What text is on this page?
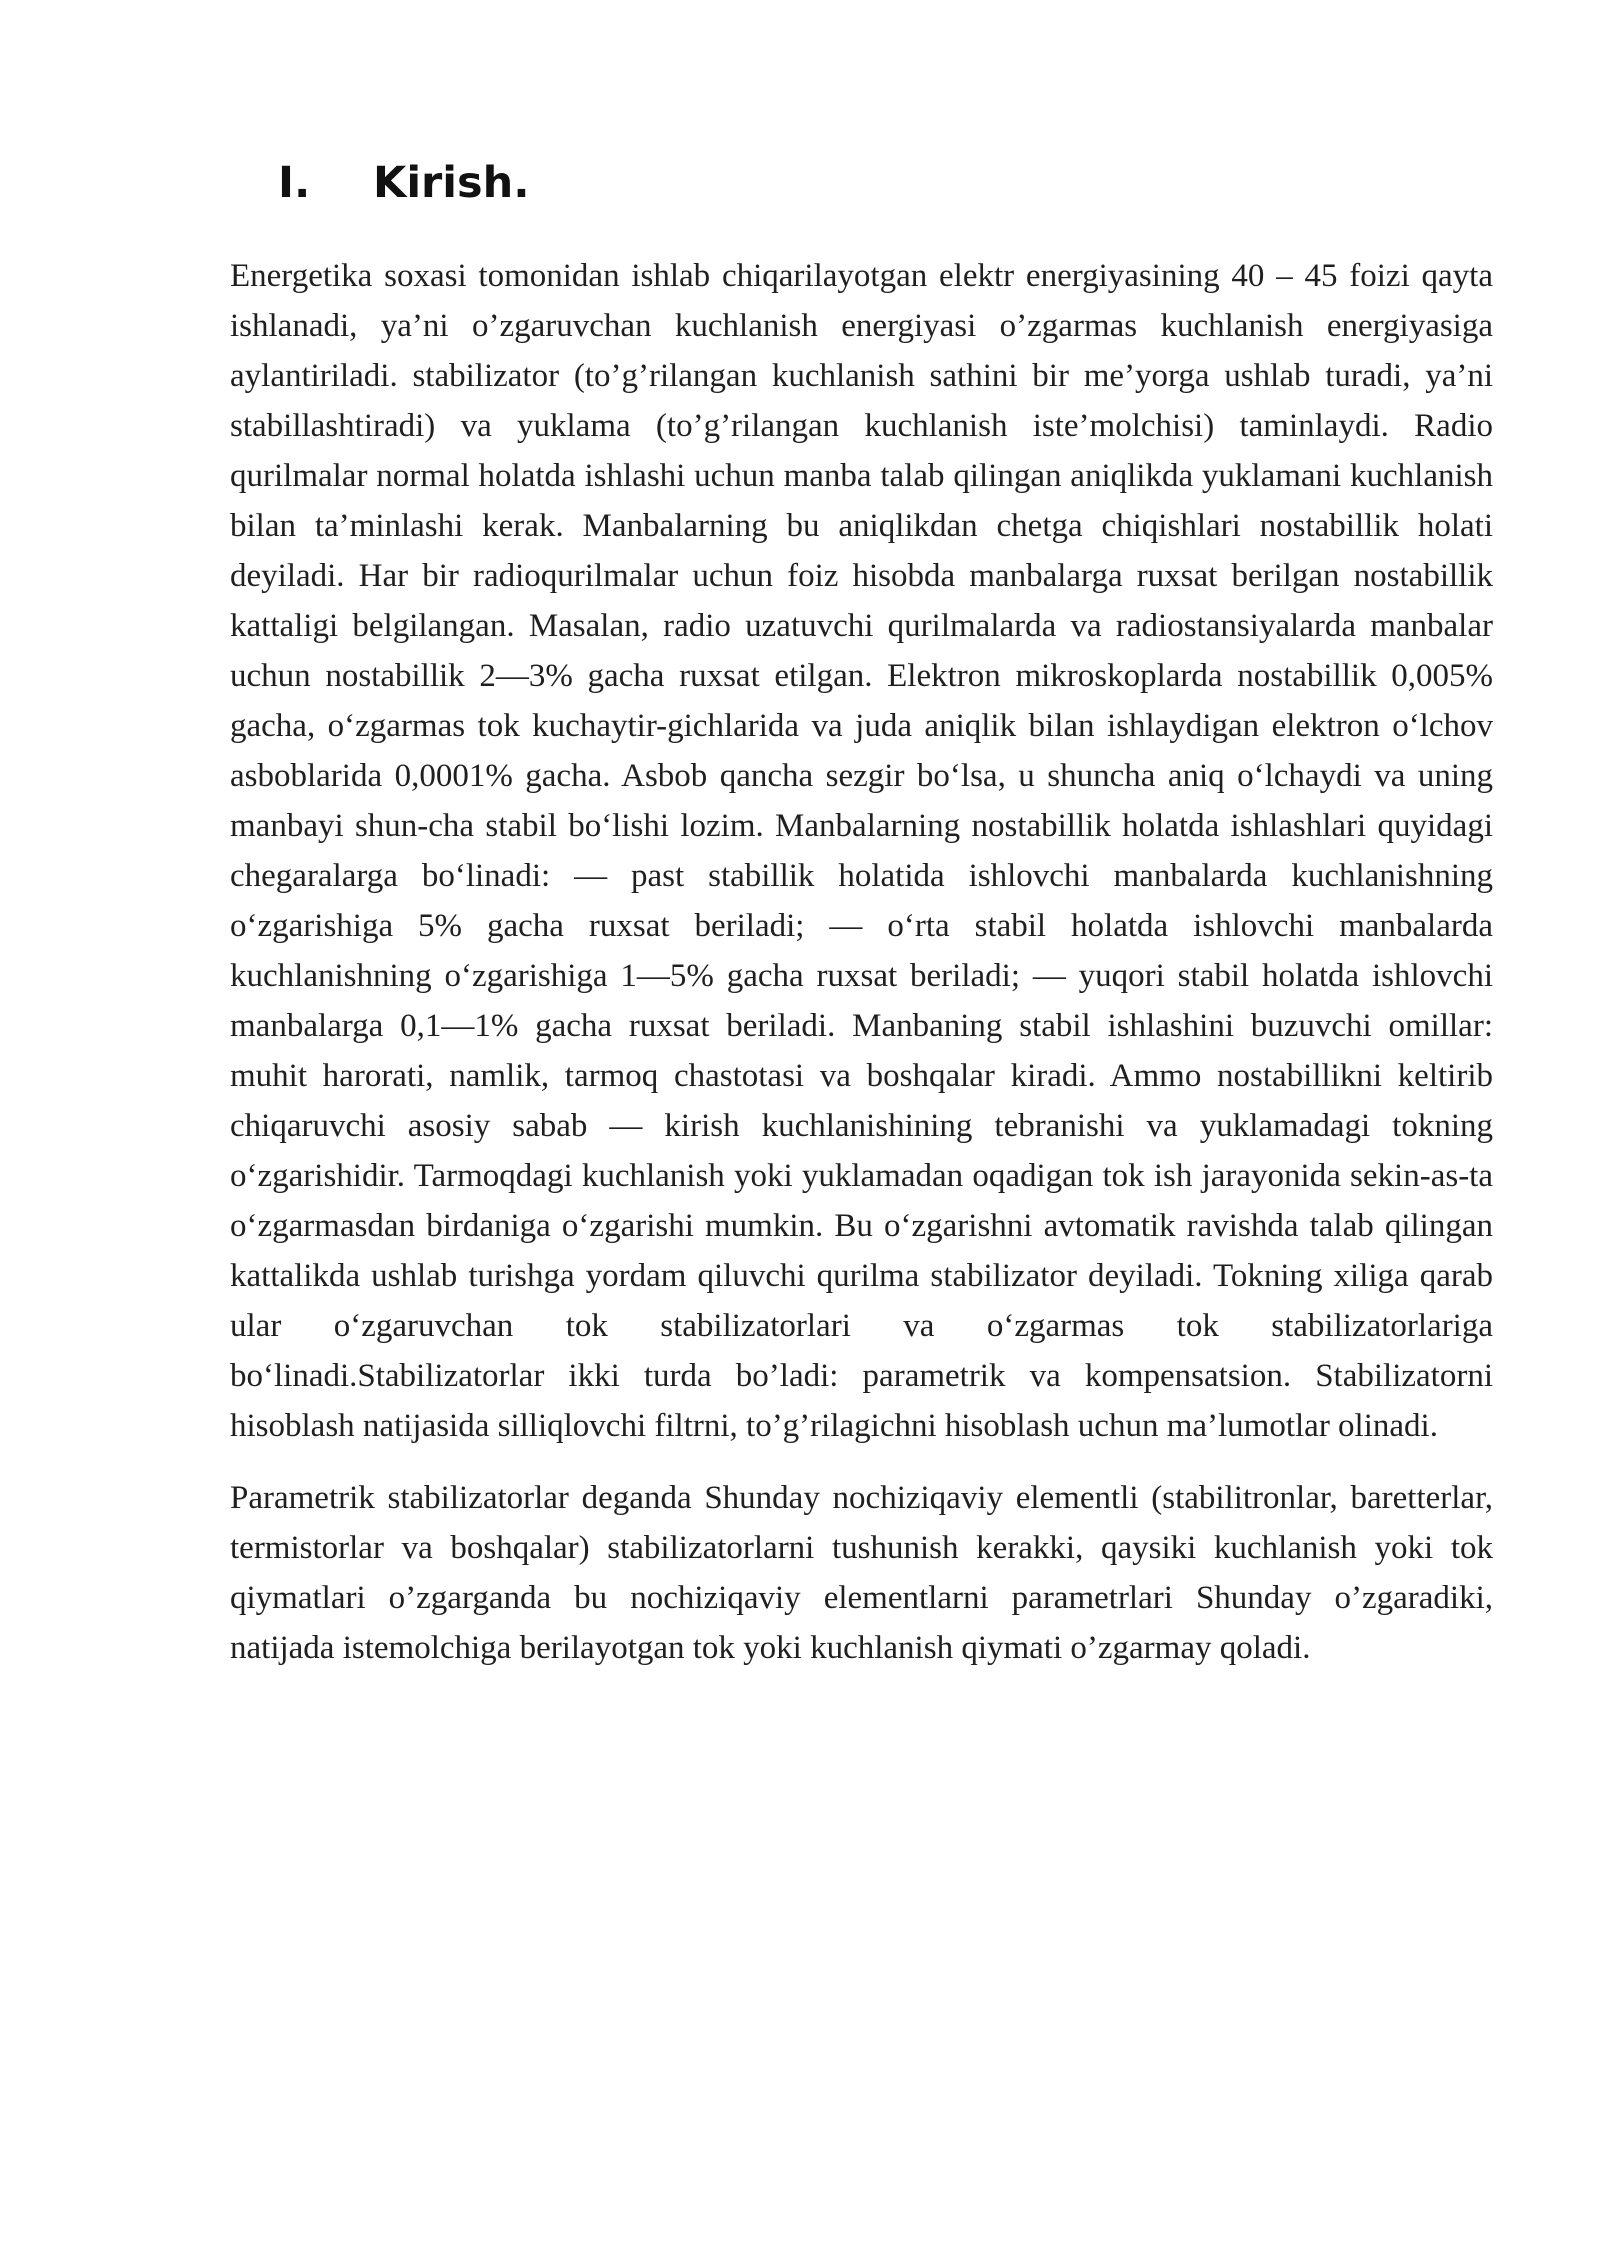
I.	Kirish.

Energetika soxasi tomonidan ishlab chiqarilayotgan elektr energiyasining 40 – 45 foizi qayta ishlanadi, ya’ni o’zgaruvchan kuchlanish energiyasi o’zgarmas kuchlanish energiyasiga aylantiriladi. stabilizator (to’g’rilangan kuchlanish sathini bir me’yorga ushlab turadi, ya’ni stabillashtiradi) va yuklama (to’g’rilangan kuchlanish iste’molchisi) taminlaydi. Radio qurilmalar normal holatda ishlashi uchun manba talab qilingan aniqlikda yuklamani kuchlanish bilan ta’minlashi kerak. Manbalarning bu aniqlikdan chetga chiqishlari nostabillik holati deyiladi. Har bir radioqurilmalar uchun foiz hisobda manbalarga ruxsat berilgan nostabillik kattaligi belgilangan. Masalan, radio uzatuvchi qurilmalarda va radiostansiyalarda manbalar uchun nostabillik 2—3% gacha ruxsat etilgan. Elektron mikroskoplarda nostabillik 0,005% gacha, o‘zgarmas tok kuchaytir-gichlarida va juda aniqlik bilan ishlaydigan elektron o‘lchov asboblarida 0,0001% gacha. Asbob qancha sezgir bo‘lsa, u shuncha aniq o‘lchaydi va uning manbayi shun-cha stabil bo‘lishi lozim. Manbalarning nostabillik holatda ishlashlari quyidagi chegaralarga bo‘linadi: — past stabillik holatida ishlovchi manbalarda kuchlanishning o‘zgarishiga 5% gacha ruxsat beriladi; — o‘rta stabil holatda ishlovchi manbalarda kuchlanishning o‘zgarishiga 1—5% gacha ruxsat beriladi; — yuqori stabil holatda ishlovchi manbalarga 0,1—1% gacha ruxsat beriladi. Manbaning stabil ishlashini buzuvchi omillar: muhit harorati, namlik, tarmoq chastotasi va boshqalar kiradi. Ammo nostabillikni keltirib chiqaruvchi asosiy sabab — kirish kuchlanishining tebranishi va yuklamadagi tokning o‘zgarishidir. Tarmoqdagi kuchlanish yoki yuklamadan oqadigan tok ish jarayonida sekin-as-ta o‘zgarmasdan birdaniga o‘zgarishi mumkin. Bu o‘zgarishni avtomatik ravishda talab qilingan kattalikda ushlab turishga yordam qiluvchi qurilma stabilizator deyiladi. Tokning xiliga qarab ular o‘zgaruvchan tok stabilizatorlari va o‘zgarmas tok stabilizatorlariga bo‘linadi.Stabilizatorlar ikki turda bo’ladi: parametrik va kompensatsion. Stabilizatorni hisoblash natijasida silliqlovchi filtrni, to’g’rilagichni hisoblash uchun ma’lumotlar olinadi.

Parametrik stabilizatorlar deganda Shunday nochiziqaviy elementli (stabilitronlar, baretterlar, termistorlar va boshqalar) stabilizatorlarni tushunish kerakki, qaysiki kuchlanish yoki tok qiymatlari o’zgarganda bu nochiziqaviy elementlarni parametrlari Shunday o’zgaradiki, natijada istemolchiga berilayotgan tok yoki kuchlanish qiymati o’zgarmay qoladi.
